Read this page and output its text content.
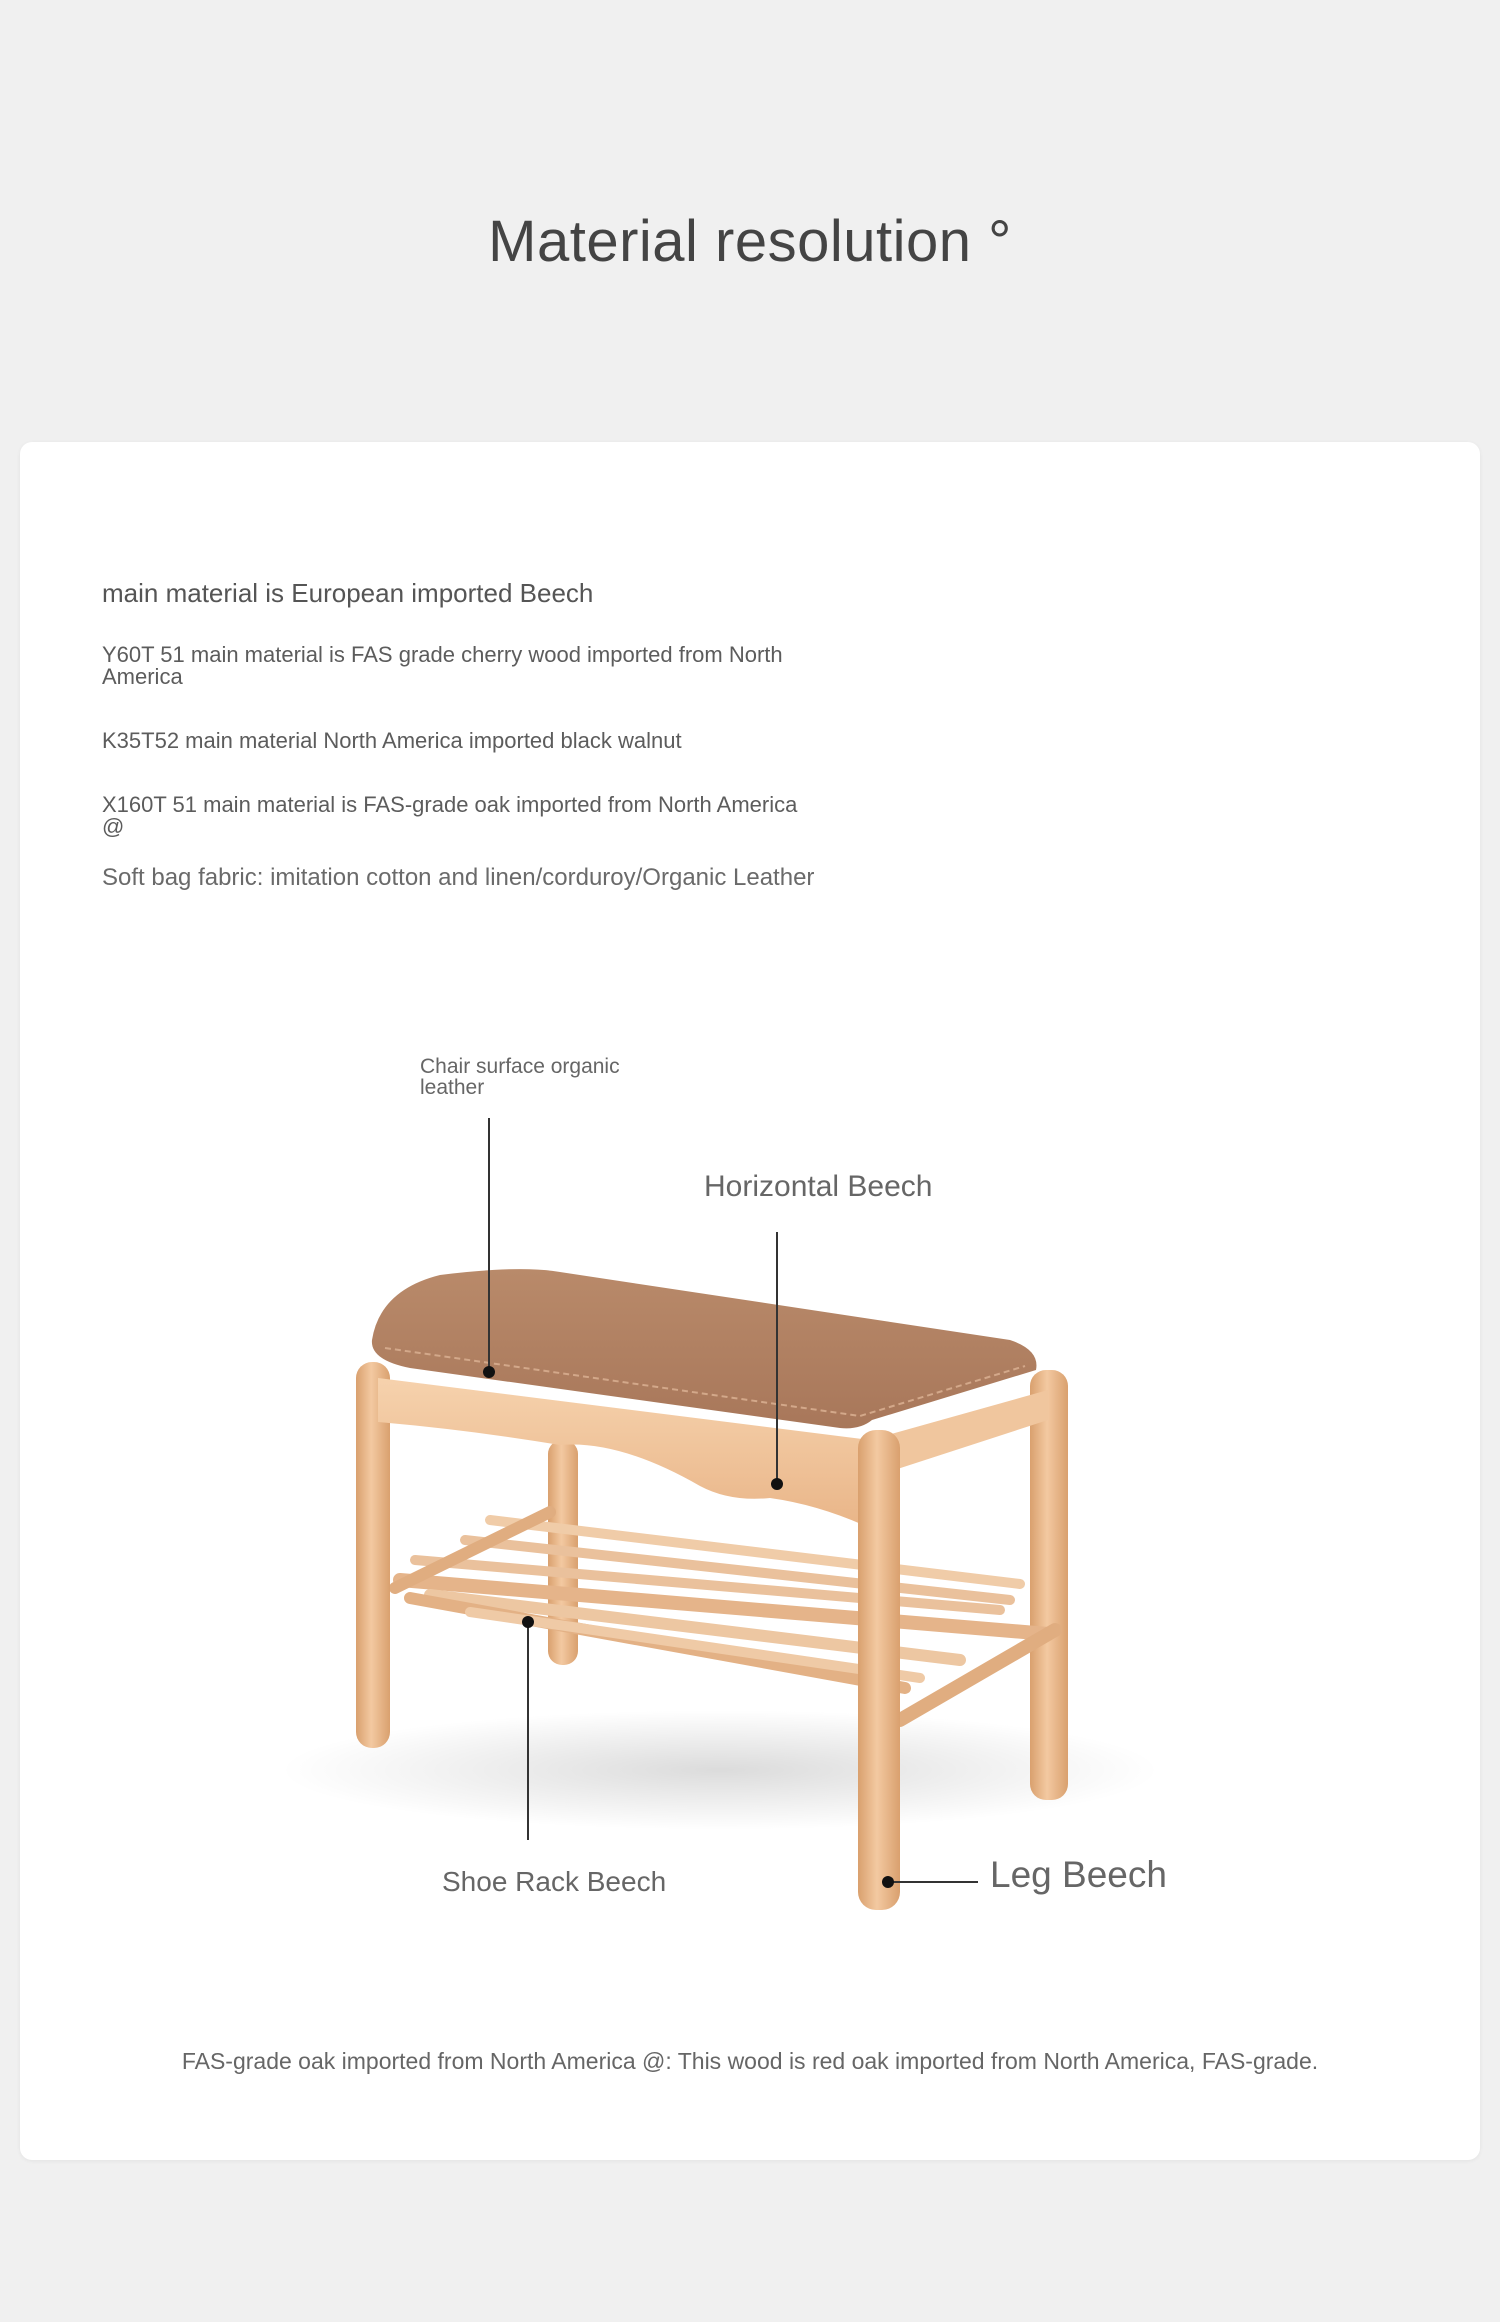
Material resolution °
main material is European imported Beech
Y60T 51 main material is FAS grade cherry wood imported from North America
K35T52 main material North America imported black walnut
X160T 51 main material is FAS-grade oak imported from North America @
Soft bag fabric: imitation cotton and linen/corduroy/Organic Leather
Chair surface organic leather
Horizontal Beech
Shoe Rack Beech	Leg Beech
FAS-grade oak imported from North America @: This wood is red oak imported from North America, FAS-grade.
